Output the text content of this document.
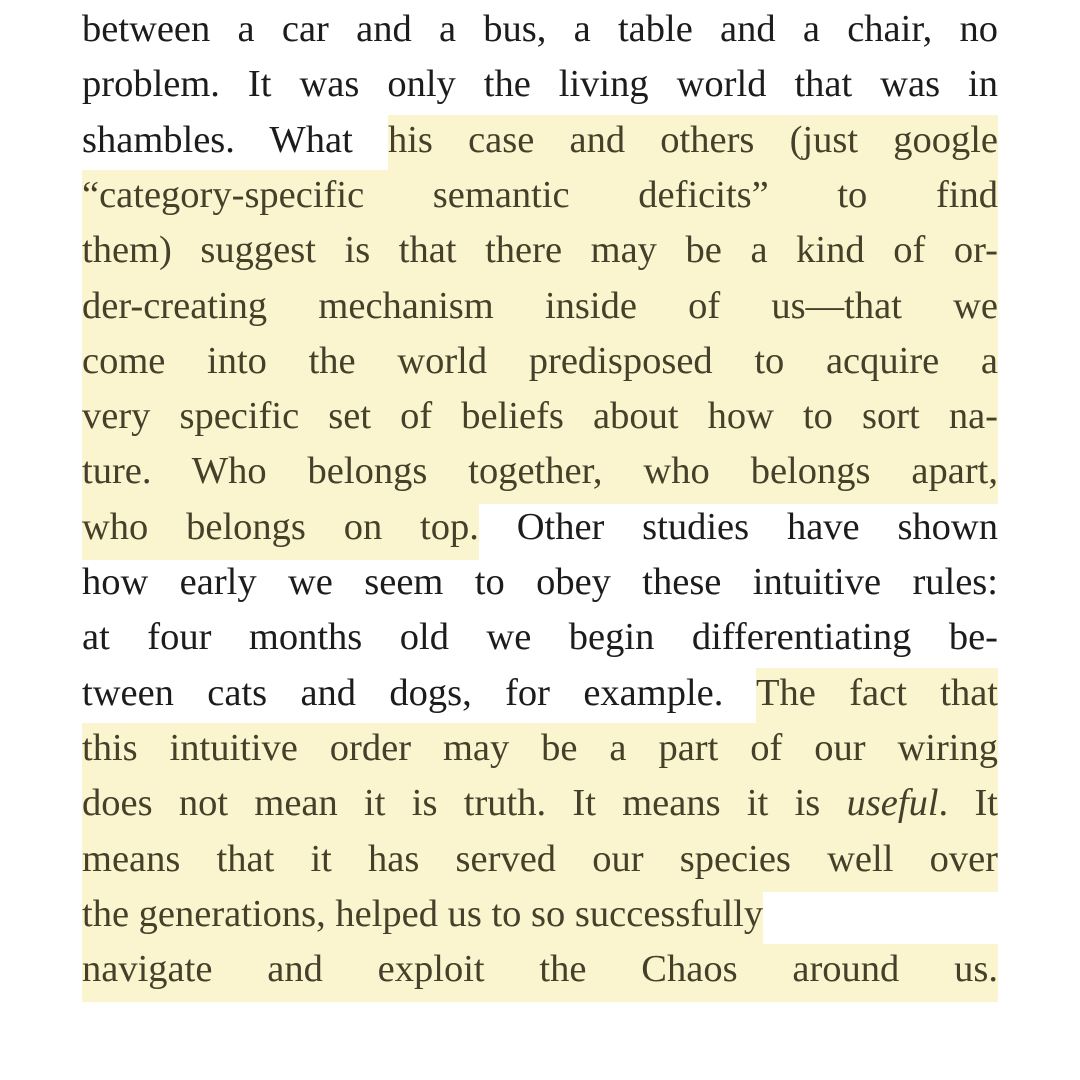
between a car and a bus, a table and a chair, no
problem. It was only the living world that was in
shambles. What his case and others (just google
“category-specific semantic deficits” to find
them) suggest is that there may be a kind of or-
der-creating mechanism inside of us—that we
come into the world predisposed to acquire a
very specific set of beliefs about how to sort na-
ture. Who belongs together, who belongs apart,
who belongs on top. Other studies have shown
how early we seem to obey these intuitive rules:
at four months old we begin differentiating be-
tween cats and dogs, for example. The fact that
this intuitive order may be a part of our wiring
does not mean it is truth. It means it is useful. It
means that it has served our species well over
the generations, helped us to so successfully
navigate and exploit the Chaos around us.
